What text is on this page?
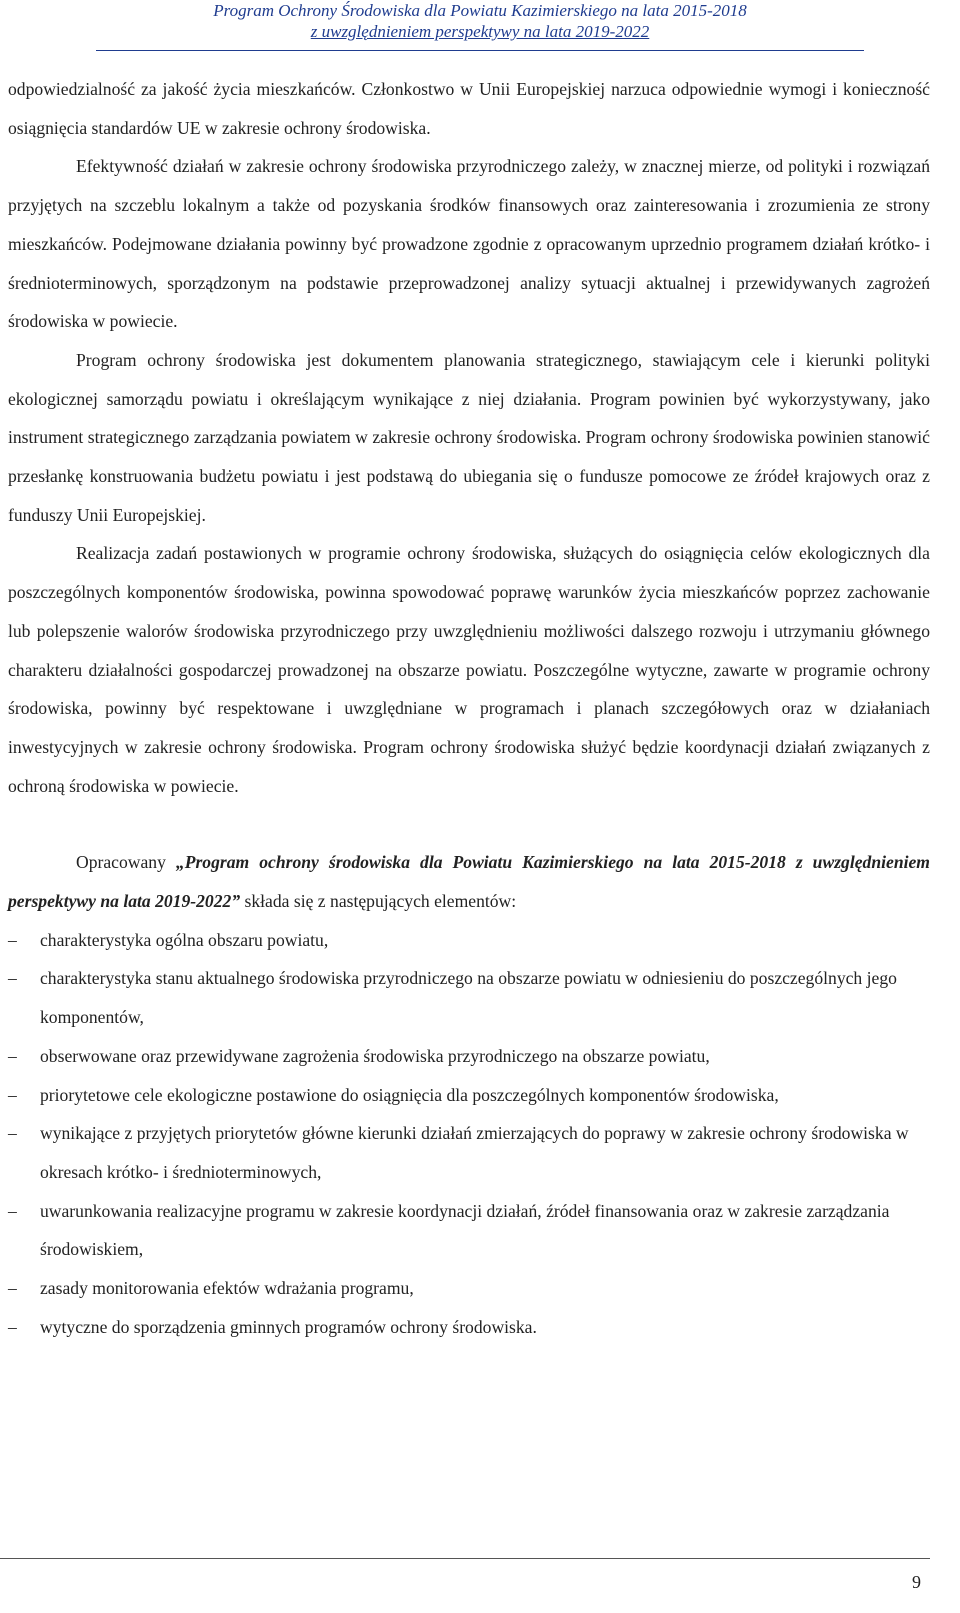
Program Ochrony Środowiska dla Powiatu Kazimierskiego na lata 2015-2018
z uwzględnieniem perspektywy na lata 2019-2022

odpowiedzialność za jakość życia mieszkańców. Członkostwo w Unii Europejskiej narzuca odpowiednie wymogi i konieczność osiągnięcia standardów UE w zakresie ochrony środowiska.

Efektywność działań w zakresie ochrony środowiska przyrodniczego zależy, w znacznej mierze, od polityki i rozwiązań przyjętych na szczeblu lokalnym a także od pozyskania środków finansowych oraz zainteresowania i zrozumienia ze strony mieszkańców. Podejmowane działania powinny być prowadzone zgodnie z opracowanym uprzednio programem działań krótko- i średnioterminowych, sporządzonym na podstawie przeprowadzonej analizy sytuacji aktualnej i przewidywanych zagrożeń środowiska w powiecie.

Program ochrony środowiska jest dokumentem planowania strategicznego, stawiającym cele i kierunki polityki ekologicznej samorządu powiatu i określającym wynikające z niej działania. Program powinien być wykorzystywany, jako instrument strategicznego zarządzania powiatem w zakresie ochrony środowiska. Program ochrony środowiska powinien stanowić przesłankę konstruowania budżetu powiatu i jest podstawą do ubiegania się o fundusze pomocowe ze źródeł krajowych oraz z funduszy Unii Europejskiej.

Realizacja zadań postawionych w programie ochrony środowiska, służących do osiągnięcia celów ekologicznych dla poszczególnych komponentów środowiska, powinna spowodować poprawę warunków życia mieszkańców poprzez zachowanie lub polepszenie walorów środowiska przyrodniczego przy uwzględnieniu możliwości dalszego rozwoju i utrzymaniu głównego charakteru działalności gospodarczej prowadzonej na obszarze powiatu. Poszczególne wytyczne, zawarte w programie ochrony środowiska, powinny być respektowane i uwzględniane w programach i planach szczegółowych oraz w działaniach inwestycyjnych w zakresie ochrony środowiska. Program ochrony środowiska służyć będzie koordynacji działań związanych z ochroną środowiska w powiecie.

Opracowany „Program ochrony środowiska dla Powiatu Kazimierskiego na lata 2015-2018 z uwzględnieniem perspektywy na lata 2019-2022” składa się z następujących elementów:

–	charakterystyka ogólna obszaru powiatu,
–	charakterystyka stanu aktualnego środowiska przyrodniczego na obszarze powiatu w odniesieniu do poszczególnych jego komponentów,
–	obserwowane oraz przewidywane zagrożenia środowiska przyrodniczego na obszarze powiatu,
–	priorytetowe cele ekologiczne postawione do osiągnięcia dla poszczególnych komponentów środowiska,
–	wynikające z przyjętych priorytetów główne kierunki działań zmierzających do poprawy w zakresie ochrony środowiska w okresach krótko- i średnioterminowych,
–	uwarunkowania realizacyjne programu w zakresie koordynacji działań, źródeł finansowania oraz w zakresie zarządzania środowiskiem,
–	zasady monitorowania efektów wdrażania programu,
–	wytyczne do sporządzenia gminnych programów ochrony środowiska.
9
